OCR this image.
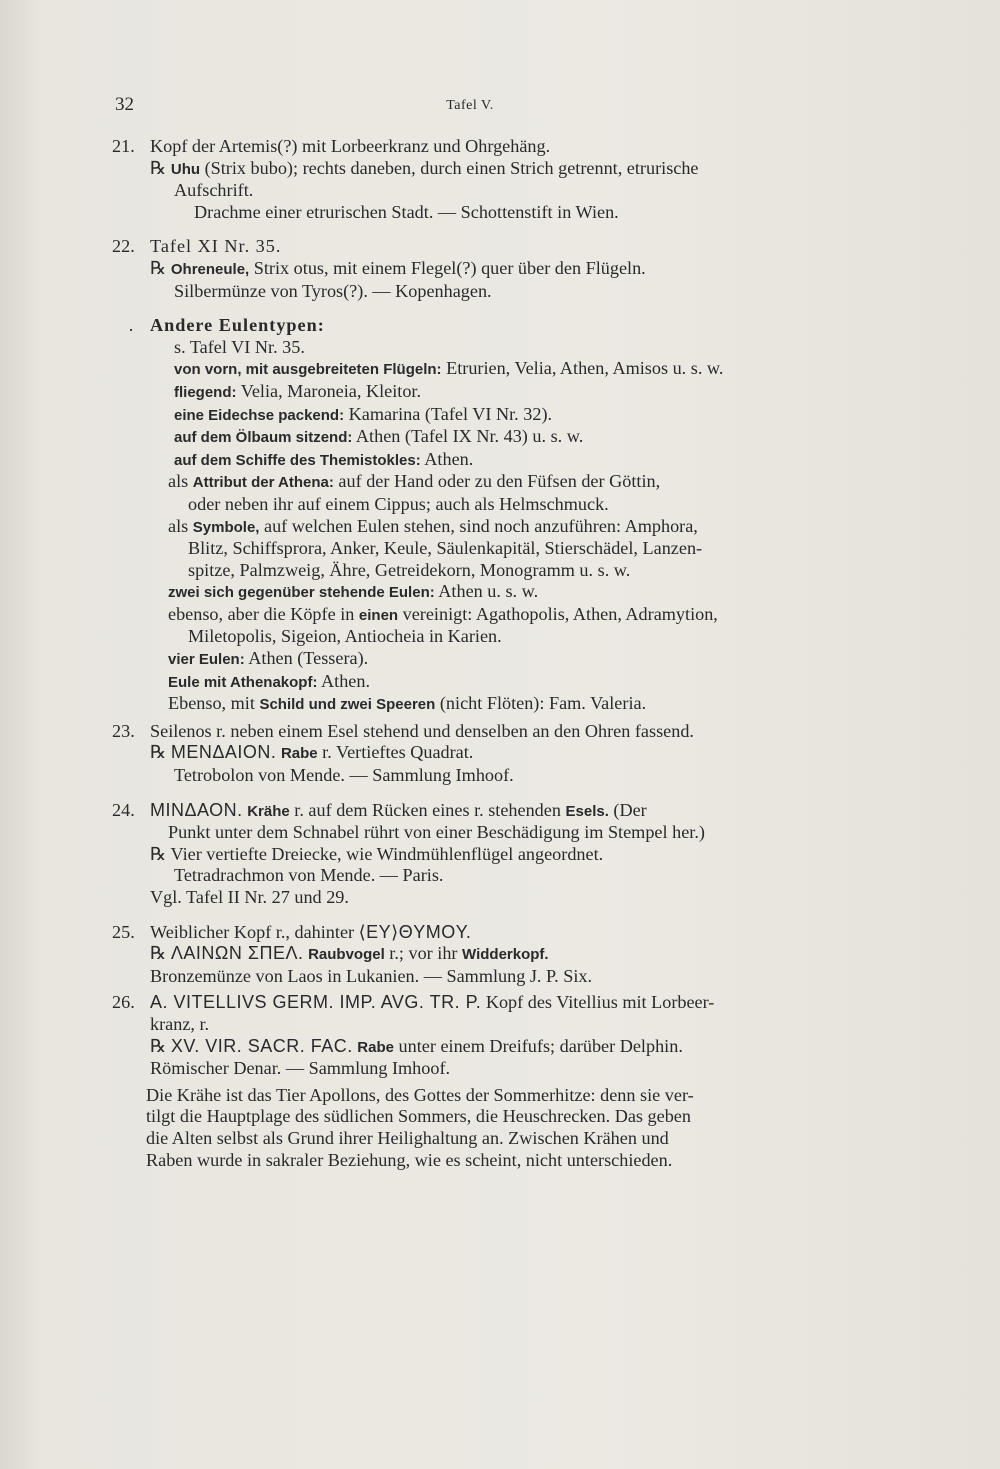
32	Tafel V.
21. Kopf der Artemis(?) mit Lorbeerkranz und Ohrgehäng.
℞ Uhu (Strix bubo); rechts daneben, durch einen Strich getrennt, etrurische
Aufschrift.
Drachme einer etrurischen Stadt. — Schottenstift in Wien.
22. Tafel XI Nr. 35.
℞ Ohreneule, Strix otus, mit einem Flegel(?) quer über den Flügeln.
Silbermünze von Tyros(?). — Kopenhagen.
. Andere Eulentypen:
s. Tafel VI Nr. 35.
von vorn, mit ausgebreiteten Flügeln: Etrurien, Velia, Athen, Amisos u. s. w.
fliegend: Velia, Maroneia, Kleitor.
eine Eidechse packend: Kamarina (Tafel VI Nr. 32).
auf dem Ölbaum sitzend: Athen (Tafel IX Nr. 43) u. s. w.
auf dem Schiffe des Themistokles: Athen.
als Attribut der Athena: auf der Hand oder zu den Füfsen der Göttin,
oder neben ihr auf einem Cippus; auch als Helmschmuck.
als Symbole, auf welchen Eulen stehen, sind noch anzuführen: Amphora,
Blitz, Schiffsprora, Anker, Keule, Säulenkapitäl, Stierschädel, Lanzen-
spitze, Palmzweig, Ähre, Getreidekorn, Monogramm u. s. w.
zwei sich gegenüber stehende Eulen: Athen u. s. w.
ebenso, aber die Köpfe in einen vereinigt: Agathopolis, Athen, Adramytion,
Miletopolis, Sigeion, Antiocheia in Karien.
vier Eulen: Athen (Tessera).
Eule mit Athenakopf: Athen.
Ebenso, mit Schild und zwei Speeren (nicht Flöten): Fam. Valeria.
23. Seilenos r. neben einem Esel stehend und denselben an den Ohren fassend.
℞ MENΔAION. Rabe r. Vertieftes Quadrat.
Tetrobolon von Mende. — Sammlung Imhoof.
24. ΜΙΝΔΑΟΝ. Krähe r. auf dem Rücken eines r. stehenden Esels. (Der
Punkt unter dem Schnabel rührt von einer Beschädigung im Stempel her.)
℞ Vier vertiefte Dreiecke, wie Windmühlenflügel angeordnet.
Tetradrachmon von Mende. — Paris.
Vgl. Tafel II Nr. 27 und 29.
25. Weiblicher Kopf r., dahinter ⟨EY⟩ΘYMOY.
℞ ΛΑΙΝΩΝ ΣΠΕΛ. Raubvogel r.; vor ihr Widderkopf.
Bronzemünze von Laos in Lukanien. — Sammlung J. P. Six.
26. A. VITELLIVS GERM. IMP. AVG. TR. P. Kopf des Vitellius mit Lorbeer-
kranz, r.
℞ XV. VIR. SACR. FAC. Rabe unter einem Dreifufs; darüber Delphin.
Römischer Denar. — Sammlung Imhoof.
Die Krähe ist das Tier Apollons, des Gottes der Sommerhitze: denn sie ver-
tilgt die Hauptplage des südlichen Sommers, die Heuschrecken. Das geben
die Alten selbst als Grund ihrer Heilighaltung an. Zwischen Krähen und
Raben wurde in sakraler Beziehung, wie es scheint, nicht unterschieden.
